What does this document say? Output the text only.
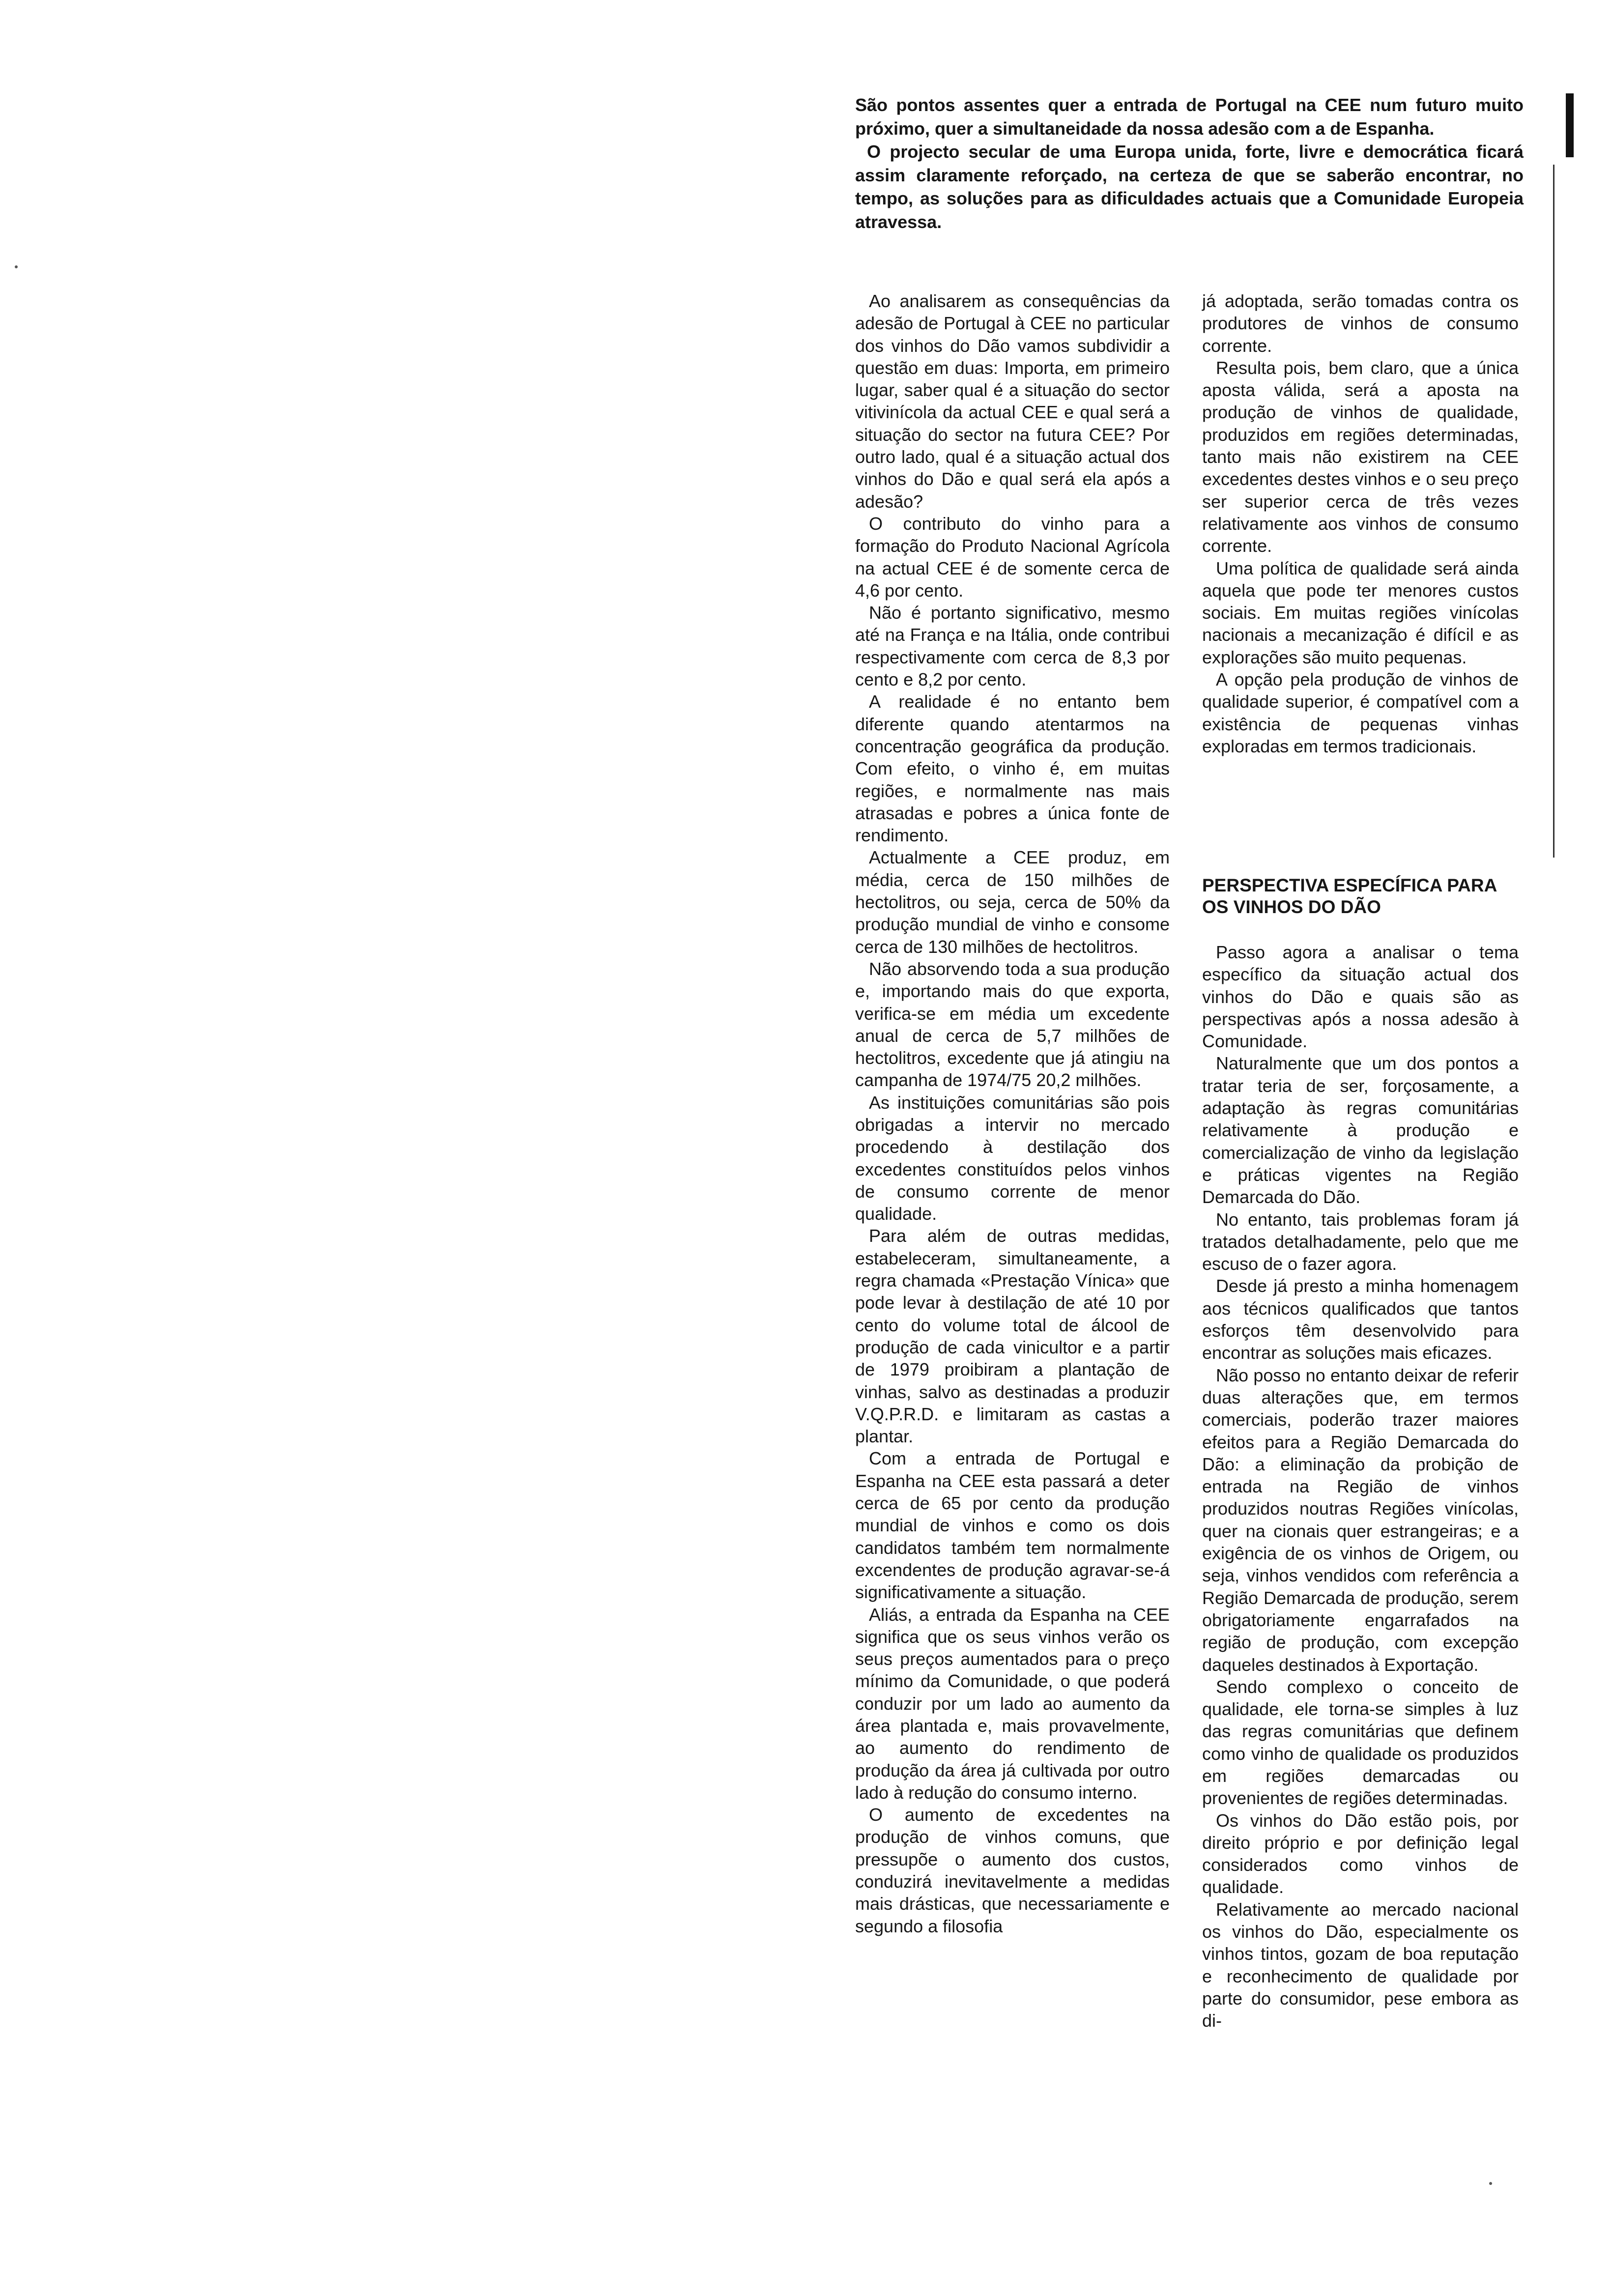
São pontos assentes quer a entrada de Portugal na CEE num futuro muito próximo, quer a simultaneidade da nossa adesão com a de Espanha.

O projecto secular de uma Europa unida, forte, livre e democrática ficará assim claramente reforçado, na certeza de que se saberão encontrar, no tempo, as soluções para as dificuldades actuais que a Comunidade Europeia atravessa.

Ao analisarem as consequências da adesão de Portugal à CEE no particular dos vinhos do Dão vamos subdividir a questão em duas: Importa, em primeiro lugar, saber qual é a situação do sector vitivinícola da actual CEE e qual será a situação do sector na futura CEE? Por outro lado, qual é a situação actual dos vinhos do Dão e qual será ela após a adesão?

O contributo do vinho para a formação do Produto Nacional Agrícola na actual CEE é de somente cerca de 4,6 por cento.

Não é portanto significativo, mesmo até na França e na Itália, onde contribui respectivamente com cerca de 8,3 por cento e 8,2 por cento.

A realidade é no entanto bem diferente quando atentarmos na concentração geográfica da produção. Com efeito, o vinho é, em muitas regiões, e normalmente nas mais atrasadas e pobres a única fonte de rendimento.

Actualmente a CEE produz, em média, cerca de 150 milhões de hectolitros, ou seja, cerca de 50% da produção mundial de vinho e consome cerca de 130 milhões de hectolitros.

Não absorvendo toda a sua produção e, importando mais do que exporta, verifica-se em média um excedente anual de cerca de 5,7 milhões de hectolitros, excedente que já atingiu na campanha de 1974/75 20,2 milhões.

As instituições comunitárias são pois obrigadas a intervir no mercado procedendo à destilação dos excedentes constituídos pelos vinhos de consumo corrente de menor qualidade.

Para além de outras medidas, estabeleceram, simultaneamente, a regra chamada «Prestação Vínica» que pode levar à destilação de até 10 por cento do volume total de álcool de produção de cada vinicultor e a partir de 1979 proibiram a plantação de vinhas, salvo as destinadas a produzir V.Q.P.R.D. e limitaram as castas a plantar.

Com a entrada de Portugal e Espanha na CEE esta passará a deter cerca de 65 por cento da produção mundial de vinhos e como os dois candidatos também tem normalmente excendentes de produção agravar-se-á significativamente a situação.

Aliás, a entrada da Espanha na CEE significa que os seus vinhos verão os seus preços aumentados para o preço mínimo da Comunidade, o que poderá conduzir por um lado ao aumento da área plantada e, mais provavelmente, ao aumento do rendimento de produção da área já cultivada por outro lado à redução do consumo interno.

O aumento de excedentes na produção de vinhos comuns, que pressupõe o aumento dos custos, conduzirá inevitavelmente a medidas mais drásticas, que necessariamente e segundo a filosofia

já adoptada, serão tomadas contra os produtores de vinhos de consumo corrente.

Resulta pois, bem claro, que a única aposta válida, será a aposta na produção de vinhos de qualidade, produzidos em regiões determinadas, tanto mais não existirem na CEE excedentes destes vinhos e o seu preço ser superior cerca de três vezes relativamente aos vinhos de consumo corrente.

Uma política de qualidade será ainda aquela que pode ter menores custos sociais. Em muitas regiões vinícolas nacionais a mecanização é difícil e as explorações são muito pequenas.

A opção pela produção de vinhos de qualidade superior, é compatível com a existência de pequenas vinhas exploradas em termos tradicionais.

PERSPECTIVA ESPECÍFICA PARA OS VINHOS DO DÃO

Passo agora a analisar o tema específico da situação actual dos vinhos do Dão e quais são as perspectivas após a nossa adesão à Comunidade.

Naturalmente que um dos pontos a tratar teria de ser, forçosamente, a adaptação às regras comunitárias relativamente à produção e comercialização de vinho da legislação e práticas vigentes na Região Demarcada do Dão.

No entanto, tais problemas foram já tratados detalhadamente, pelo que me escuso de o fazer agora.

Desde já presto a minha homenagem aos técnicos qualificados que tantos esforços têm desenvolvido para encontrar as soluções mais eficazes.

Não posso no entanto deixar de referir duas alterações que, em termos comerciais, poderão trazer maiores efeitos para a Região Demarcada do Dão: a eliminação da probição de entrada na Região de vinhos produzidos noutras Regiões vinícolas, quer na cionais quer estrangeiras; e a exigência de os vinhos de Origem, ou seja, vinhos vendidos com referência a Região Demarcada de produção, serem obrigatoriamente engarrafados na região de produção, com excepção daqueles destinados à Exportação.

Sendo complexo o conceito de qualidade, ele torna-se simples à luz das regras comunitárias que definem como vinho de qualidade os produzidos em regiões demarcadas ou provenientes de regiões determinadas.

Os vinhos do Dão estão pois, por direito próprio e por definição legal considerados como vinhos de qualidade.

Relativamente ao mercado nacional os vinhos do Dão, especialmente os vinhos tintos, gozam de boa reputação e reconhecimento de qualidade por parte do consumidor, pese embora as di-
